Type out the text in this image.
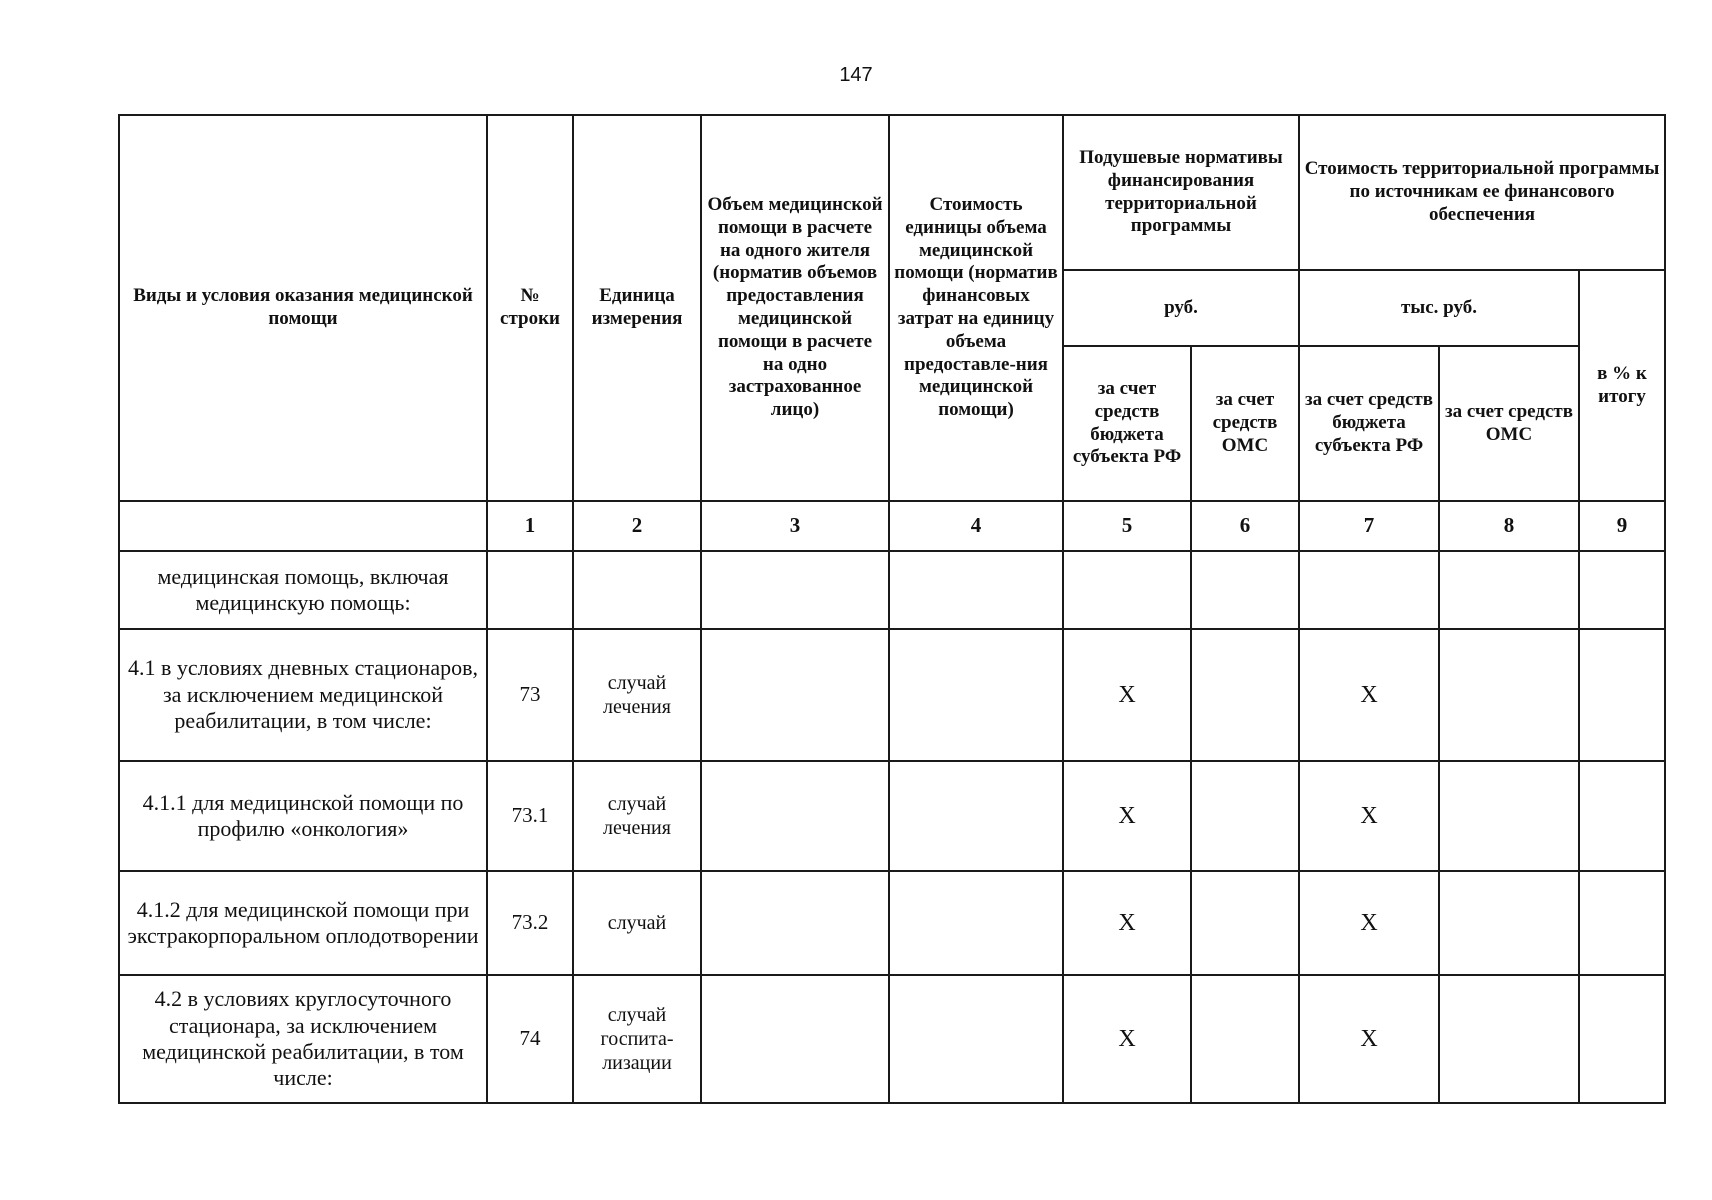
147
Виды и условия оказания медицинской помощи	№ строки	Единица измерения	Объем медицинской помощи в расчете на одного жителя (норматив объемов предоставления медицинской помощи в расчете на одно застрахованное лицо)	Стоимость единицы объема медицинской помощи (норматив финансовых затрат на единицу объема предоставле-ния медицинской помощи)	Подушевые нормативы финансирования территориальной программы		Стоимость территориальной программы по источникам ее финансового обеспечения		
					руб.		тыс. руб.		в % к итогу
					за счет средств бюджета субъекта РФ	за счет средств ОМС	за счет средств бюджета субъекта РФ	за счет средств ОМС	
	1	2	3	4	5	6	7	8	9
медицинская помощь, включая медицинскую помощь:									
4.1 в условиях дневных стационаров, за исключением медицинской реабилитации, в том числе:	73	случай лечения			X		X		
4.1.1 для медицинской помощи по профилю «онкология»	73.1	случай лечения			X		X		
4.1.2 для медицинской помощи при экстракорпоральном оплодотворении	73.2	случай			X		X		
4.2 в условиях круглосуточного стационара, за исключением медицинской реабилитации, в том числе:	74	случай госпита-лизации			X		X		
